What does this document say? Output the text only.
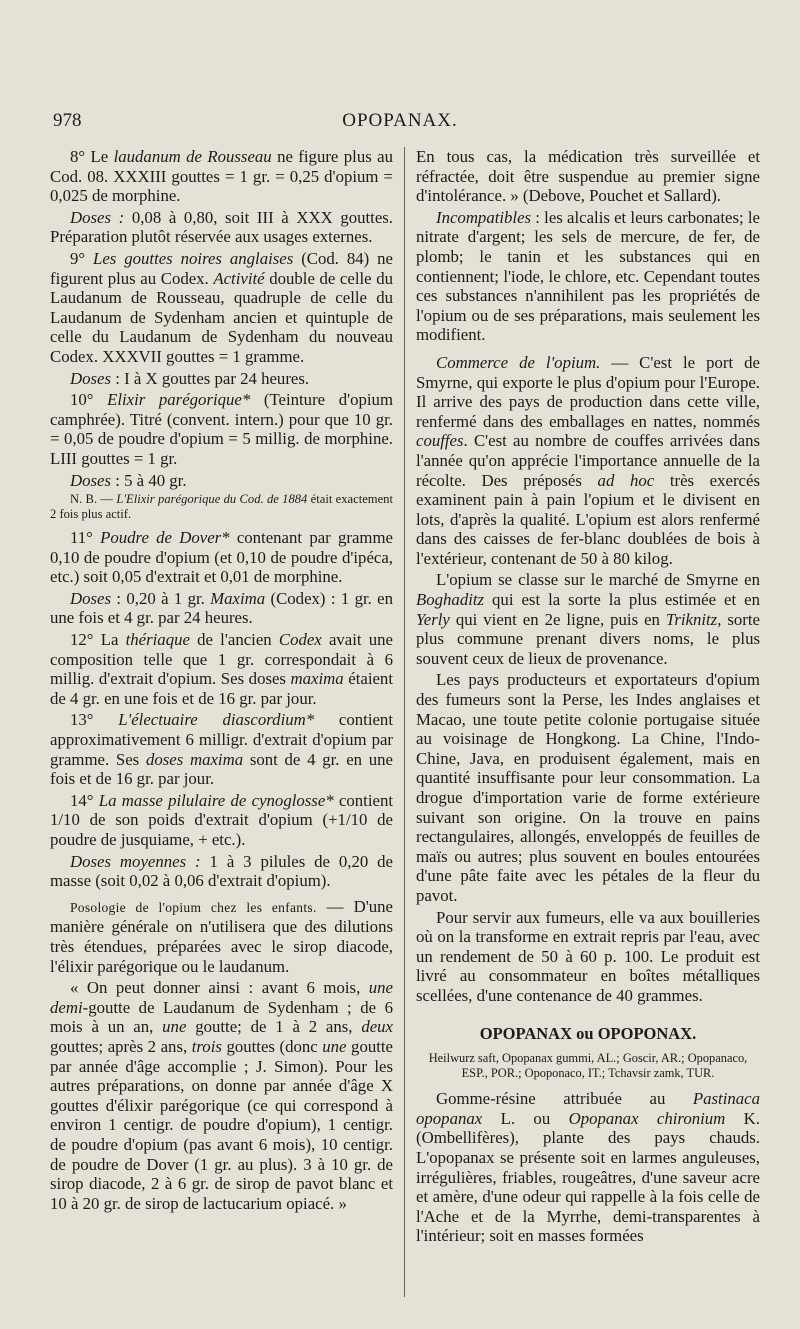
978	OPOPANAX.

8° Le laudanum de Rousseau ne figure plus au Cod. 08. XXXIII gouttes = 1 gr. = 0,25 d'opium = 0,025 de morphine.

Doses : 0,08 à 0,80, soit III à XXX gouttes. Préparation plutôt réservée aux usages externes.

9° Les gouttes noires anglaises (Cod. 84) ne figurent plus au Codex. Activité double de celle du Laudanum de Rousseau, quadruple de celle du Laudanum de Sydenham ancien et quintuple de celle du Laudanum de Sydenham du nouveau Codex. XXXVII gouttes = 1 gramme.

Doses : I à X gouttes par 24 heures.

10° Elixir parégorique* (Teinture d'opium camphrée). Titré (convent. intern.) pour que 10 gr. = 0,05 de poudre d'opium = 5 millig. de morphine. LIII gouttes = 1 gr.

Doses : 5 à 40 gr.

N. B. — L'Elixir parégorique du Cod. de 1884 était exactement 2 fois plus actif.

11° Poudre de Dover* contenant par gramme 0,10 de poudre d'opium (et 0,10 de poudre d'ipéca, etc.) soit 0,05 d'extrait et 0,01 de morphine.

Doses : 0,20 à 1 gr. Maxima (Codex) : 1 gr. en une fois et 4 gr. par 24 heures.

12° La thériaque de l'ancien Codex avait une composition telle que 1 gr. correspondait à 6 millig. d'extrait d'opium. Ses doses maxima étaient de 4 gr. en une fois et de 16 gr. par jour.

13° L'électuaire diascordium* contient approximativement 6 milligr. d'extrait d'opium par gramme. Ses doses maxima sont de 4 gr. en une fois et de 16 gr. par jour.

14° La masse pilulaire de cynoglosse* contient 1/10 de son poids d'extrait d'opium (+1/10 de poudre de jusquiame, + etc.).

Doses moyennes : 1 à 3 pilules de 0,20 de masse (soit 0,02 à 0,06 d'extrait d'opium).

Posologie de l'opium chez les enfants. — D'une manière générale on n'utilisera que des dilutions très étendues, préparées avec le sirop diacode, l'élixir parégorique ou le laudanum.

« On peut donner ainsi : avant 6 mois, une demi-goutte de Laudanum de Sydenham ; de 6 mois à un an, une goutte; de 1 à 2 ans, deux gouttes; après 2 ans, trois gouttes (donc une goutte par année d'âge accomplie ; J. Simon). Pour les autres préparations, on donne par année d'âge X gouttes d'élixir parégorique (ce qui correspond à environ 1 centigr. de poudre d'opium), 1 centigr. de poudre d'opium (pas avant 6 mois), 10 centigr. de poudre de Dover (1 gr. au plus). 3 à 10 gr. de sirop diacode, 2 à 6 gr. de sirop de pavot blanc et 10 à 20 gr. de sirop de lactucarium opiacé. »

En tous cas, la médication très surveillée et réfractée, doit être suspendue au premier signe d'intolérance. » (Debove, Pouchet et Sallard).

Incompatibles : les alcalis et leurs carbonates; le nitrate d'argent; les sels de mercure, de fer, de plomb; le tanin et les substances qui en contiennent; l'iode, le chlore, etc. Cependant toutes ces substances n'annihilent pas les propriétés de l'opium ou de ses préparations, mais seulement les modifient.

Commerce de l'opium. — C'est le port de Smyrne, qui exporte le plus d'opium pour l'Europe. Il arrive des pays de production dans cette ville, renfermé dans des emballages en nattes, nommés couffes. C'est au nombre de couffes arrivées dans l'année qu'on apprécie l'importance annuelle de la récolte. Des préposés ad hoc très exercés examinent pain à pain l'opium et le divisent en lots, d'après la qualité. L'opium est alors renfermé dans des caisses de fer-blanc doublées de bois à l'extérieur, contenant de 50 à 80 kilog.

L'opium se classe sur le marché de Smyrne en Boghaditz qui est la sorte la plus estimée et en Yerly qui vient en 2e ligne, puis en Triknitz, sorte plus commune prenant divers noms, le plus souvent ceux de lieux de provenance.

Les pays producteurs et exportateurs d'opium des fumeurs sont la Perse, les Indes anglaises et Macao, une toute petite colonie portugaise située au voisinage de Hongkong. La Chine, l'Indo-Chine, Java, en produisent également, mais en quantité insuffisante pour leur consommation. La drogue d'importation varie de forme extérieure suivant son origine. On la trouve en pains rectangulaires, allongés, enveloppés de feuilles de maïs ou autres; plus souvent en boules entourées d'une pâte faite avec les pétales de la fleur du pavot.

Pour servir aux fumeurs, elle va aux bouilleries où on la transforme en extrait repris par l'eau, avec un rendement de 50 à 60 p. 100. Le produit est livré au consommateur en boîtes métalliques scellées, d'une contenance de 40 grammes.

OPOPANAX ou OPOPONAX.

Heilwurz saft, Opopanax gummi, AL.; Goscir, AR.; Opopanaco, ESP., POR.; Opoponaco, IT.; Tchavsir zamk, TUR.

Gomme-résine attribuée au Pastinaca opopanax L. ou Opopanax chironium K. (Ombellifères), plante des pays chauds. L'opopanax se présente soit en larmes anguleuses, irrégulières, friables, rougeâtres, d'une saveur acre et amère, d'une odeur qui rappelle à la fois celle de l'Ache et de la Myrrhe, demi-transparentes à l'intérieur; soit en masses formées
